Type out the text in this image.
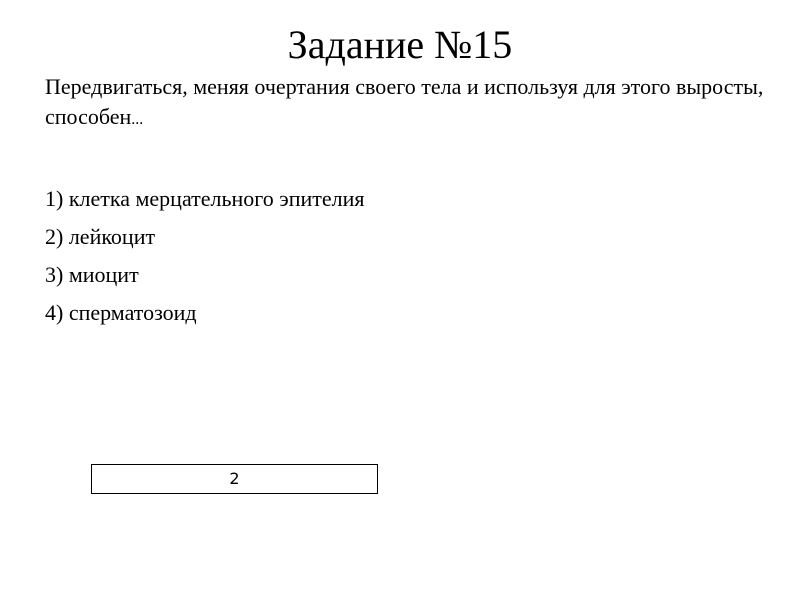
Задание №15

Передвигаться, меняя очертания своего тела и используя для этого выросты, способен...

1) клетка мерцательного эпителия
2) лейкоцит
3) миоцит
4) сперматозоид
2
